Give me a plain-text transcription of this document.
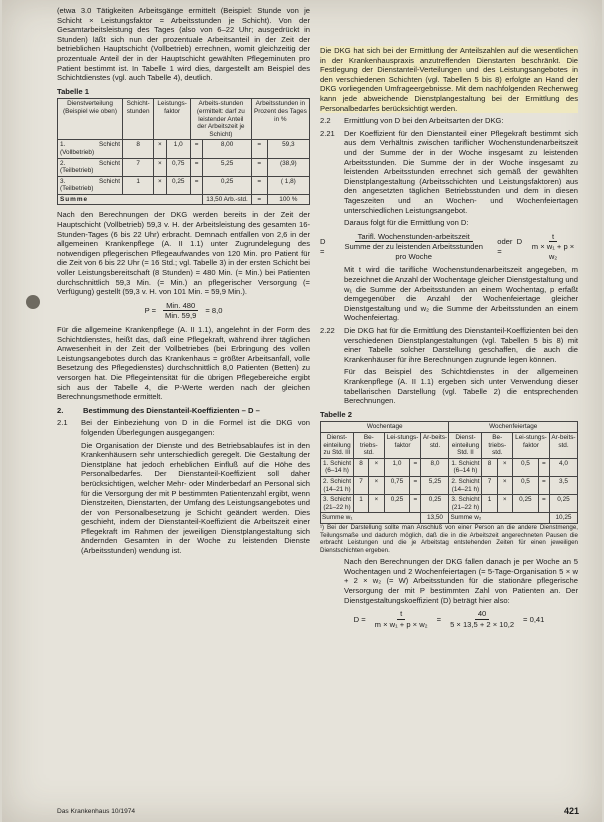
(etwa 3.0 Tätigkeiten Arbeitsgänge ermittelt (Beispiel: Stunde von je Schicht × Leistungsfaktor = Arbeitsstunden je Schicht). Von der Gesamtarbeitsleistung des Tages (also von 6–22 Uhr; ausgedrückt in Stunden) läßt sich nun der prozentuale Arbeitsanteil in der Zeit der betrieblichen Hauptschicht (Vollbetrieb) errechnen, womit gleichzeitig der prozentuale Anteil der in der Hauptschicht gewählten Pflegeminuten pro Patient bestimmt ist. In Tabelle 1 wird dies, dargestellt am Beispiel des Schichtdienstes (vgl. auch Tabelle 4), deutlich.

Tabelle 1
Dienstverteilung (Beispiel wie oben)	Schicht-stunden	Leistungs-faktor		Arbeits-stunden (ermittelt: darf zu leistender Anteil der Arbeitszeit je Schicht)		Arbeitsstunden in Prozent des Tages in %	
1. Schicht (Vollbetrieb)	8	×	1,0	=	8,00	=	59,3
2. Schicht (Teilbetrieb)	7	×	0,75	=	5,25	=	(38,9)
3. Schicht (Teilbetrieb)	1	×	0,25	=	0,25	=	( 1,8)
Summe					13,50 Arb.-std.	=	100 %

Nach den Berechnungen der DKG werden bereits in der Zeit der Hauptschicht (Vollbetrieb) 59,3 v. H. der Arbeitsleistung des gesamten 16-Stunden-Tages (6 bis 22 Uhr) erbracht. Demnach entfallen von 2,6 in der allgemeinen Krankenpflege (A. II 1.1) unter Zugrundelegung des notwendigen pflegerischen Pflegeaufwandes von 120 Min. pro Patient für die Zeit von 6 bis 22 Uhr (= 16 Std.; vgl. Tabelle 3) in der ersten Schicht bei voller Leistungsbereitschaft (8 Stunden) = 480 Min. (= Min.) bei Patienten durchschnittlich 59,3 Min. (= Min.) an pflegerischer Versorgung (= Verfügung) gestellt (59,3 v. H. von 101 Min. = 59,9 Min.).

$P = \frac{\text{Min. 480}}{\text{Min. 59,9}} = 8,0$

Für die allgemeine Krankenpflege (A. II 1.1), angelehnt in der Form des Schichtdienstes, heißt das, daß eine Pflegekraft, während ihrer täglichen Anwesenheit in der Zeit der Vollbetriebes (bei Erbringung des vollen Leistungsangebotes durch das Krankenhaus = größter Arbeitsanfall, volle Besetzung des Pflegedienstes) durchschnittlich 8,0 Patienten (Betten) zu versorgen hat. Die Pflegeintensität für die übrigen Pflegebereiche ergibt sich aus der Tabelle 4, die P-Werte werden nach der gleichen Berechnungsmethode ermittelt.

2.	Bestimmung des Dienstanteil-Koeffizienten – D –
2.1	Bei der Einbeziehung von D in die Formel ist die DKG von folgenden Überlegungen ausgegangen:

Die Organisation der Dienste und des Betriebsablaufes ist in den Krankenhäusern sehr unterschiedlich geregelt. Die Gestaltung der Dienstpläne hat jedoch erheblichen Einfluß auf die Höhe des Personalbedarfes. Der Dienstanteil-Koeffizient soll daher berücksichtigen, welcher Mehr- oder Minderbedarf an Personal sich für die Versorgung der mit P bestimmten Patientenzahl ergibt, wenn Dienstzeiten, Dienstarten, der Umfang des Leistungsangebotes und der von Personalbesetzung je Schicht geändert werden. Dies geschieht, indem der Dienstanteil-Koeffizient die Arbeitszeit einer Pflegekraft im Rahmen der jeweiligen Dienstplangestaltung sich ändernden Gesamten in der Woche zu leistenden Dienste (Arbeitsstunden) wendung ist.

Die DKG hat sich bei der Ermittlung der Anteilszahlen auf die wesentlichen in der Krankenhauspraxis anzutreffenden Dienstarten beschränkt. Die Festlegung der Dienstanteil-Verteilungen und des Leistungsangebotes in den verschiedenen Schichten (vgl. Tabellen 5 bis 8) erfolgte an Hand der DKG vorliegenden Umfrageergebnisse. Mit dem nachfolgenden Rechenweg kann jede abweichende Dienstplangestaltung bei der Ermittlung des Personalbedarfes berücksichtigt werden.

2.2	Ermittlung von D bei den Arbeitsarten der DKG:
2.21	Der Koeffizient für den Dienstanteil einer Pflegekraft bestimmt sich aus dem Verhältnis zwischen tariflicher Wochenstundenarbeitszeit und der Summe der in der Woche insgesamt zu leistenden Arbeitsstunden. Die Summe der in der Woche insgesamt zu leistenden Arbeitsstunden errechnet sich gemäß der gewählten Dienstplangestaltung (Arbeitsschichten und Leistungsfaktoren) aus den angesetzten täglichen Betriebsstunden und dem in diesen Tageszeiten und an Wochen- und Wochenfeiertagen unterschiedlichen Leistungsangebot.

Daraus folgt für die Ermittlung von D:

D =	$\frac{\text{Tarifl. Wochenstunden-arbeitszeit}}{\text{Summe der zu leistenden Arbeitsstunden pro Woche}}$ oder D =	$\frac{t}{\text{m × w₁ + p × w₂}}$

Mit t wird die tarifliche Wochenstundenarbeitszeit angegeben, m bezeichnet die Anzahl der Wochentage gleicher Dienstgestaltung und w₁ die Summe der Arbeitsstunden an einem Wochentag, p erfaßt demgegenüber die Anzahl der Wochenfeiertage gleicher Dienstgestaltung und w₂ die Summe der Arbeitsstunden an einem Wochenfeiertag.

2.22	Die DKG hat für die Ermittlung des Dienstanteil-Koeffizienten bei den verschiedenen Dienstplangestaltungen (vgl. Tabellen 5 bis 8) mit einer Tabelle solcher Darstellung geschaffen, die auch die Krankenhäuser für ihre Berechnungen zugrunde legen können.

Für das Beispiel des Schichtdienstes in der allgemeinen Krankenpflege (A. II 1.1) ergeben sich unter Verwendung dieser tabellarischen Darstellung (vgl. Tabelle 2) die entsprechenden Berechnungen.

Tabelle 2
Wochentage						Wochenfeiertage					
Dienst-einteilung zu Std. III	Be-triebs-std.		Lei-stungs-faktor		Ar-beits-std.	Dienst-einteilung Std. II	Be-triebs-std.		Lei-stungs-faktor		Ar-beits-std.
1. Schicht (6–14 h)	8	×	1,0	=	8,0	1. Schicht (6–14 h)	8	×	0,5	=	4,0
2. Schicht (14–21 h)	7	×	0,75	=	5,25	2. Schicht (14–21 h)	7	×	0,5	=	3,5
3. Schicht (21–22 h)	1	×	0,25	=	0,25	3. Schicht (21–22 h)	1	×	0,25	=	0,25
Summe w₁					13,50	Summe w₂					10,25

¹) Bei der Darstellung sollte man Anschluß von einer Person an die andere Dienstmenge, Teilungsmaße und dadurch möglich, daß die in die Arbeitszeit angerechneten Pausen die erbracht Leistungen und die je Arbeitstag entstehenden Zeiten für einen jeweiligen Dienstschichten ergeben.

Nach den Berechnungen der DKG fallen danach je per Woche an 5 Wochentagen und 2 Wochenfeiertagen (= 5-Tage-Organisation 5 × w + 2 × w₂ (= W) Arbeitsstunden für die stationäre pflegerische Versorgung der mit P bestimmten Zahl von Patienten an. Der Dienstgestaltungskoeffizient (D) beträgt hier also:

$D = \frac{t}{\text{m × w₁ + p × w₂}} = \frac{40}{5 \times 13,5 + 2 \times 10,2} = 0,41$
Das Krankenhaus 10/1974	421
